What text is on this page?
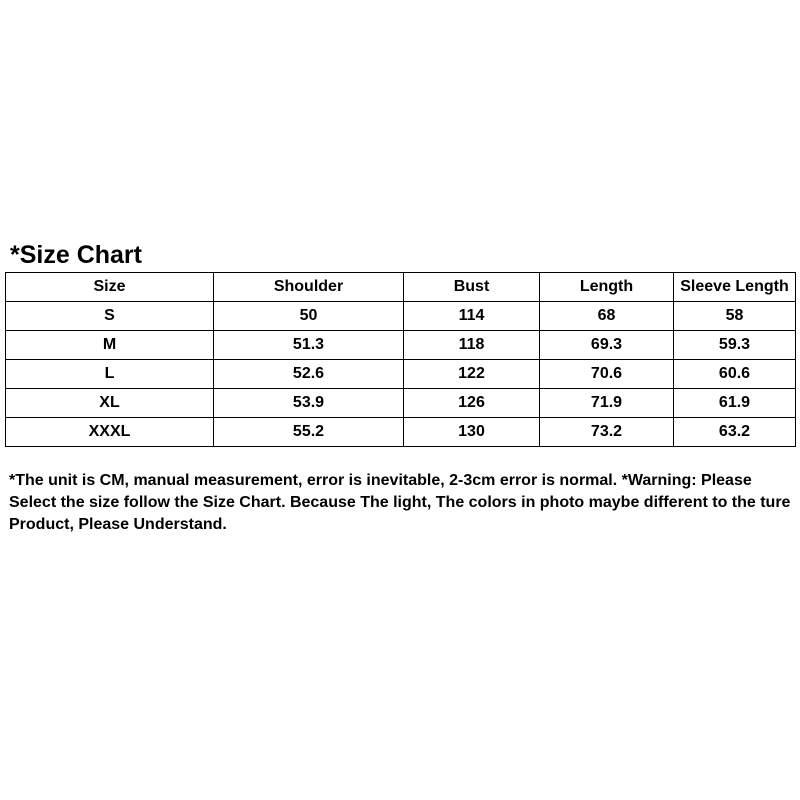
*Size Chart
Size	Shoulder	Bust	Length	Sleeve Length
S	50	114	68	58
M	51.3	118	69.3	59.3
L	52.6	122	70.6	60.6
XL	53.9	126	71.9	61.9
XXXL	55.2	130	73.2	63.2

*The unit is CM, manual measurement, error is inevitable, 2-3cm error is normal. *Warning: Please Select the size follow the Size Chart. Because The light, The colors in photo maybe different to the ture Product, Please Understand.
